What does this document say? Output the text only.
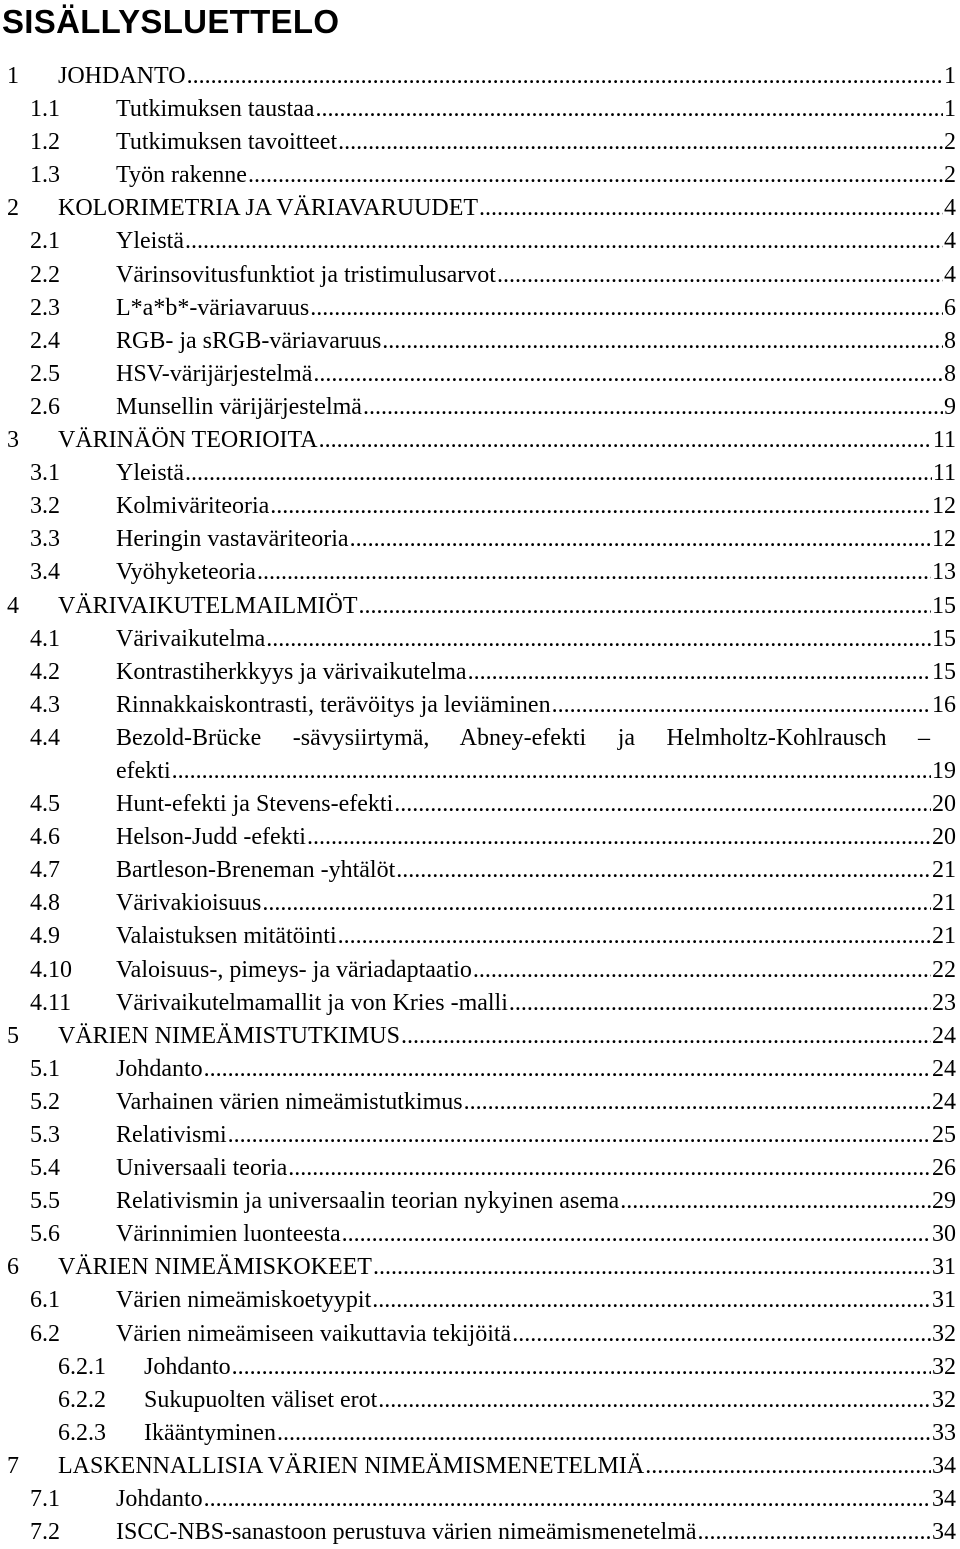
SISÄLLYSLUETTELO
1 JOHDANTO .....	1
1.1 Tutkimuksen taustaa .....	1
1.2 Tutkimuksen tavoitteet .....	2
1.3 Työn rakenne .....	2
2 KOLORIMETRIA JA VÄRIAVARUUDET .....	4
2.1 Yleistä .....	4
2.2 Värinsovitusfunktiot ja tristimulusarvot .....	4
2.3 L*a*b*-väriavaruus .....	6
2.4 RGB- ja sRGB-väriavaruus .....	8
2.5 HSV-värijärjestelmä .....	8
2.6 Munsellin värijärjestelmä .....	9
3 VÄRINÄÖN TEORIOITA .....	11
3.1 Yleistä .....	11
3.2 Kolmiväriteoria .....	12
3.3 Heringin vastaväriteoria .....	12
3.4 Vyöhyketeoria .....	13
4 VÄRIVAIKUTELMAILMIÖT .....	15
4.1 Värivaikutelma .....	15
4.2 Kontrastiherkkyys ja värivaikutelma .....	15
4.3 Rinnakkaiskontrasti, terävöitys ja leviäminen .....	16
4.4 Bezold-Brücke -sävysiirtymä, Abney-efekti ja Helmholtz-Kohlrausch –
efekti .....	19
4.5 Hunt-efekti ja Stevens-efekti .....	20
4.6 Helson-Judd -efekti .....	20
4.7 Bartleson-Breneman -yhtälöt .....	21
4.8 Värivakioisuus .....	21
4.9 Valaistuksen mitätöinti .....	21
4.10 Valoisuus-, pimeys- ja väriadaptaatio .....	22
4.11 Värivaikutelmamallit ja von Kries -malli .....	23
5 VÄRIEN NIMEÄMISTUTKIMUS .....	24
5.1 Johdanto .....	24
5.2 Varhainen värien nimeämistutkimus .....	24
5.3 Relativismi .....	25
5.4 Universaali teoria .....	26
5.5 Relativismin ja universaalin teorian nykyinen asema .....	29
5.6 Värinnimien luonteesta .....	30
6 VÄRIEN NIMEÄMISKOKEET .....	31
6.1 Värien nimeämiskoetyypit .....	31
6.2 Värien nimeämiseen vaikuttavia tekijöitä .....	32
6.2.1 Johdanto .....	32
6.2.2 Sukupuolten väliset erot .....	32
6.2.3 Ikääntyminen .....	33
7 LASKENNALLISIA VÄRIEN NIMEÄMISMENETELMIÄ .....	34
7.1 Johdanto .....	34
7.2 ISCC-NBS-sanastoon perustuva värien nimeämismenetelmä .....	34
